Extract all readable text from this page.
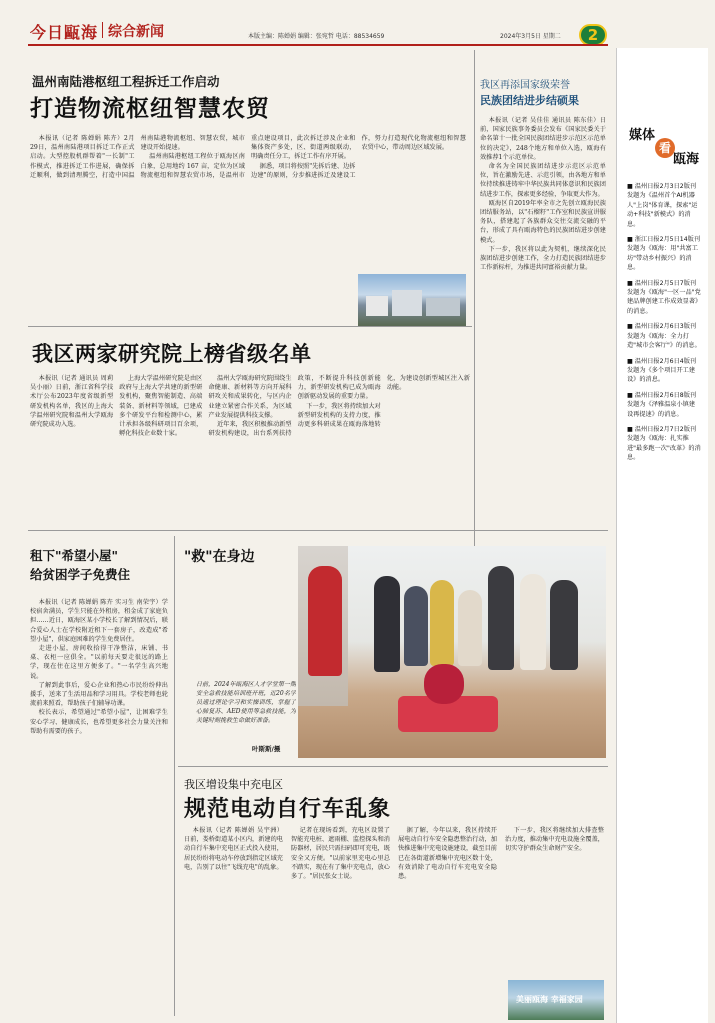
今日甌海 综合新闻	本版主编：陈婵娟 编辑：张宛哲 电话：88534659	2024年3月5日 星期二 2
温州南陆港枢纽工程拆迁工作启动
打造物流枢纽智慧农贸

本报讯（记者 陈婵娟 陈卉）2月29日，温州南陆港项目拆迁工作正式启动。大型控股机群帮着"一长制"工作模式，推进拆迁工作进展，确保拆迁顺利，做到清理腾空，打造中国温州南陆港物流枢纽、智慧农贸，城市建设开始提速。

温州南陆港枢纽工程位于瓯海区南白象，总用地约 167 亩，定位为区域物流枢纽和智慧农贸市场，是温州市重点建设项目，此次拆迁涉及企业和集体资产多处，区、街道两级联动，明确责任分工，拆迁工作有序开展。

据悉，项目将按照"先拆后建、边拆边建"的原则，分步推进拆迁及建设工作，努力打造现代化物流枢纽和智慧农贸中心，带动周边区域发展。

我区再添国家级荣誉
民族团结进步结硕果

本报讯（记者 吴佳佳 通讯员 陈东佳）日前，国家民族事务委员会发布《国家民委关于命名第十一批全国民族团结进步示范区示范单位的决定》，248个地方和单位入选，瓯海有效推荐1个示范单位。

命名为全国民族团结进步示范区示范单位，旨在激励先进、示范引领，由各地方和单位持续推进铸牢中华民族共同体意识和民族团结进步工作，探索更多经验，争取更大作为。

瓯海区自2019年率全市之先创立瓯海民族团结服务站，以"石榴籽"工作室和民族宣讲服务队，搭建起了各族群众交往交流交融的平台，形成了具有瓯海特色的民族团结进步创建模式。

下一步，我区将以此为契机，继续深化民族团结进步创建工作，全力打造民族团结进步工作新标杆，为推进共同富裕贡献力量。

媒体
看
瓯海
■ 温州日报2月3日2版刊发题为《温州首个AI机器人"上岗"体育课，探索"运动+科技"新模式》的消息。
■ 浙江日报2月5日14版刊发题为《瓯海：用"共富工坊"带动乡村振兴》的消息。
■ 温州日报2月5日7版刊发题为《瓯海"一区一品"党建品牌创建工作成效显著》的消息。
■ 温州日报2月6日3版刊发题为《瓯海：全力打造"城市会客厅"》的消息。
■ 温州日报2月6日4版刊发题为《多个项目开工建设》的消息。
■ 温州日报2月6日8版刊发题为《泽雅温泉小镇建设再提速》的消息。
■ 温州日报2月7日2版刊发题为《瓯海：扎实推进"最多跑一次"改革》的消息。
我区两家研究院上榜省级名单

本报讯（记者 通讯员 周莉 吴小丽）日前，浙江省科学技术厅公布2023年度省级新型研发机构名单，我区的上海大学温州研究院和温州大学瓯海研究院成功入选。

上海大学温州研究院是由区政府与上海大学共建的新型研发机构，聚焦智能制造、高端装备、新材料等领域，已建成多个研发平台和检测中心，累计承担各级科研项目百余项，孵化科技企业数十家。

温州大学瓯海研究院围绕生命健康、新材料等方向开展科研攻关和成果转化，与区内企业建立紧密合作关系，为区域产业发展提供科技支撑。

近年来，我区积极推动新型研发机构建设，出台系列扶持政策，不断提升科技创新能力，新型研发机构已成为瓯海创新驱动发展的重要力量。

下一步，我区将持续加大对新型研发机构的支持力度，推动更多科研成果在瓯海落地转化，为建设创新型城区注入新动能。

租下"希望小屋"
给贫困学子免费住

本报讯（记者 陈婵娟 陈卉 实习生 南荣宇）学校宿舍满员，学生只能在外租房，租金成了家庭负担……近日，瓯海区某小学校长了解到情况后，联合爱心人士在学校附近租下一套房子，改造成"希望小屋"，供家庭困难的学生免费居住。

走进小屋，房间收拾得干净整洁，床铺、书桌、衣柜一应俱全。"以前每天要走很远的路上学，现在住在这里方便多了。"一名学生高兴地说。

了解到此事后，爱心企业和热心市民纷纷伸出援手，送来了生活用品和学习用具。学校老师也轮流前来照看，帮助孩子们辅导功课。

校长表示，希望通过"希望小屋"，让困难学生安心学习、健康成长，也希望更多社会力量关注和帮助有需要的孩子。

"救"在身边
日前，2024年瓯海区人才学堂第一期安全急救技能培训班开班，近20名学员通过理论学习和实操训练，掌握了心肺复苏、AED使用等急救技能，为关键时刻挽救生命做好准备。
叶斯斯/摄
我区增设集中充电区
规范电动自行车乱象

本报讯（记者 陈婵娟 吴宇洲）日前，娄桥街道某小区内，新建的电动自行车集中充电区正式投入使用，居民纷纷将电动车停放到指定区域充电，告别了以往"飞线充电"的乱象。

记者在现场看到，充电区设置了智能充电桩、遮雨棚、监控探头和消防器材，居民只需扫码即可充电，既安全又方便。"以前家里充电心里总不踏实，现在有了集中充电点，放心多了。"居民张女士说。

据了解，今年以来，我区持续开展电动自行车安全隐患整治行动，加快推进集中充电设施建设，截至目前已在各街道新增集中充电区数十处，有效消除了电动自行车充电安全隐患。

下一步，我区将继续加大排查整治力度，推动集中充电设施全覆盖，切实守护群众生命财产安全。

美丽瓯海 幸福家园
